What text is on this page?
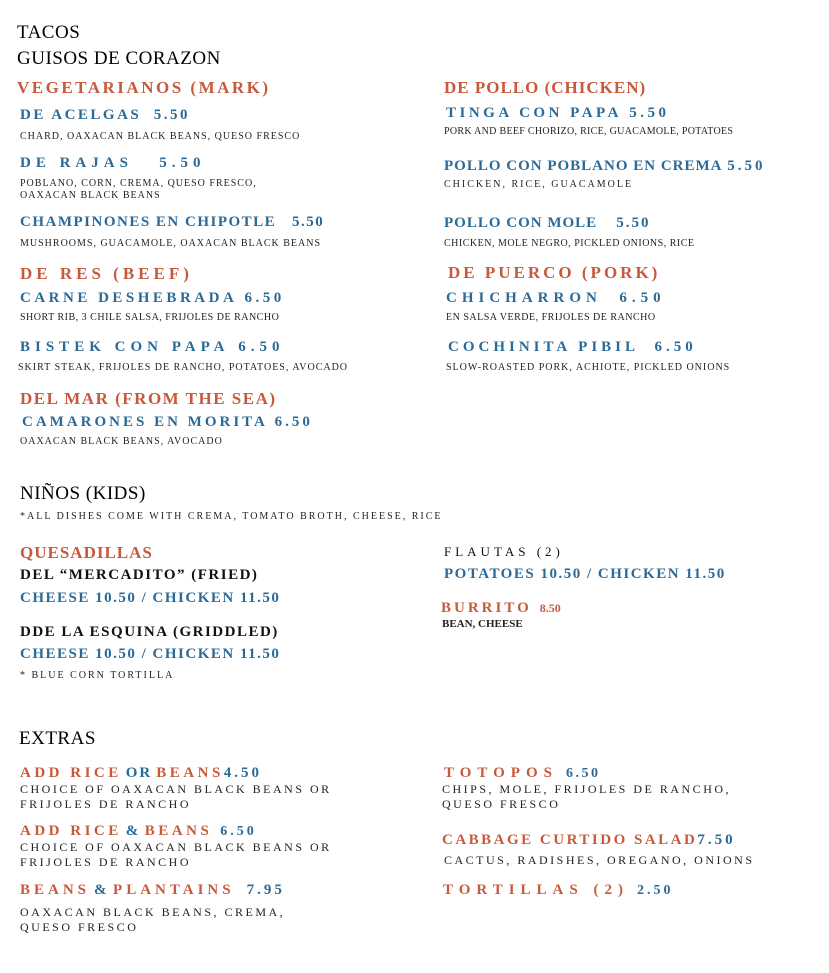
TACOS
GUISOS DE CORAZON
VEGETARIANOS (MARK)
DE ACELGAS 5.50
CHARD, OAXACAN BLACK BEANS, QUESO FRESCO
DE RAJAS 5.50
POBLANO, CORN, CREMA, QUESO FRESCO,
OAXACAN BLACK BEANS
CHAMPINONES EN CHIPOTLE 5.50
MUSHROOMS, GUACAMOLE, OAXACAN BLACK BEANS
DE RES (BEEF)
CARNE DESHEBRADA 6.50
SHORT RIB, 3 CHILE SALSA, FRIJOLES DE RANCHO
BISTEK CON PAPA 6.50
SKIRT STEAK, FRIJOLES DE RANCHO, POTATOES, AVOCADO
DEL MAR (FROM THE SEA)
CAMARONES EN MORITA 6.50
OAXACAN BLACK BEANS, AVOCADO
DE POLLO (CHICKEN)
TINGA CON PAPA 5.50
PORK AND BEEF CHORIZO, RICE, GUACAMOLE, POTATOES
POLLO CON POBLANO EN CREMA 5.50
CHICKEN, RICE, GUACAMOLE
POLLO CON MOLE 5.50
CHICKEN, MOLE NEGRO, PICKLED ONIONS, RICE
DE PUERCO (PORK)
CHICHARRON 6.50
EN SALSA VERDE, FRIJOLES DE RANCHO
COCHINITA PIBIL 6.50
SLOW-ROASTED PORK, ACHIOTE, PICKLED ONIONS
NIÑOS (KIDS)
*ALL DISHES COME WITH CREMA, TOMATO BROTH, CHEESE, RICE
QUESADILLAS
DEL “MERCADITO” (FRIED)
CHEESE 10.50 / CHICKEN 11.50
DDE LA ESQUINA (GRIDDLED)
CHEESE 10.50 / CHICKEN 11.50
* BLUE CORN TORTILLA
FLAUTAS (2)
POTATOES 10.50 / CHICKEN 11.50
BURRITO 8.50
BEAN, CHEESE
EXTRAS
ADD RICE OR BEANS4.50
CHOICE OF OAXACAN BLACK BEANS OR FRIJOLES DE RANCHO
ADD RICE & BEANS 6.50
CHOICE OF OAXACAN BLACK BEANS OR FRIJOLES DE RANCHO
BEANS & PLANTAINS 7.95
OAXACAN BLACK BEANS, CREMA, QUESO FRESCO
TOTOPOS 6.50
CHIPS, MOLE, FRIJOLES DE RANCHO, QUESO FRESCO
CABBAGE CURTIDO SALAD7.50
CACTUS, RADISHES, OREGANO, ONIONS
TORTILLAS (2) 2.50
